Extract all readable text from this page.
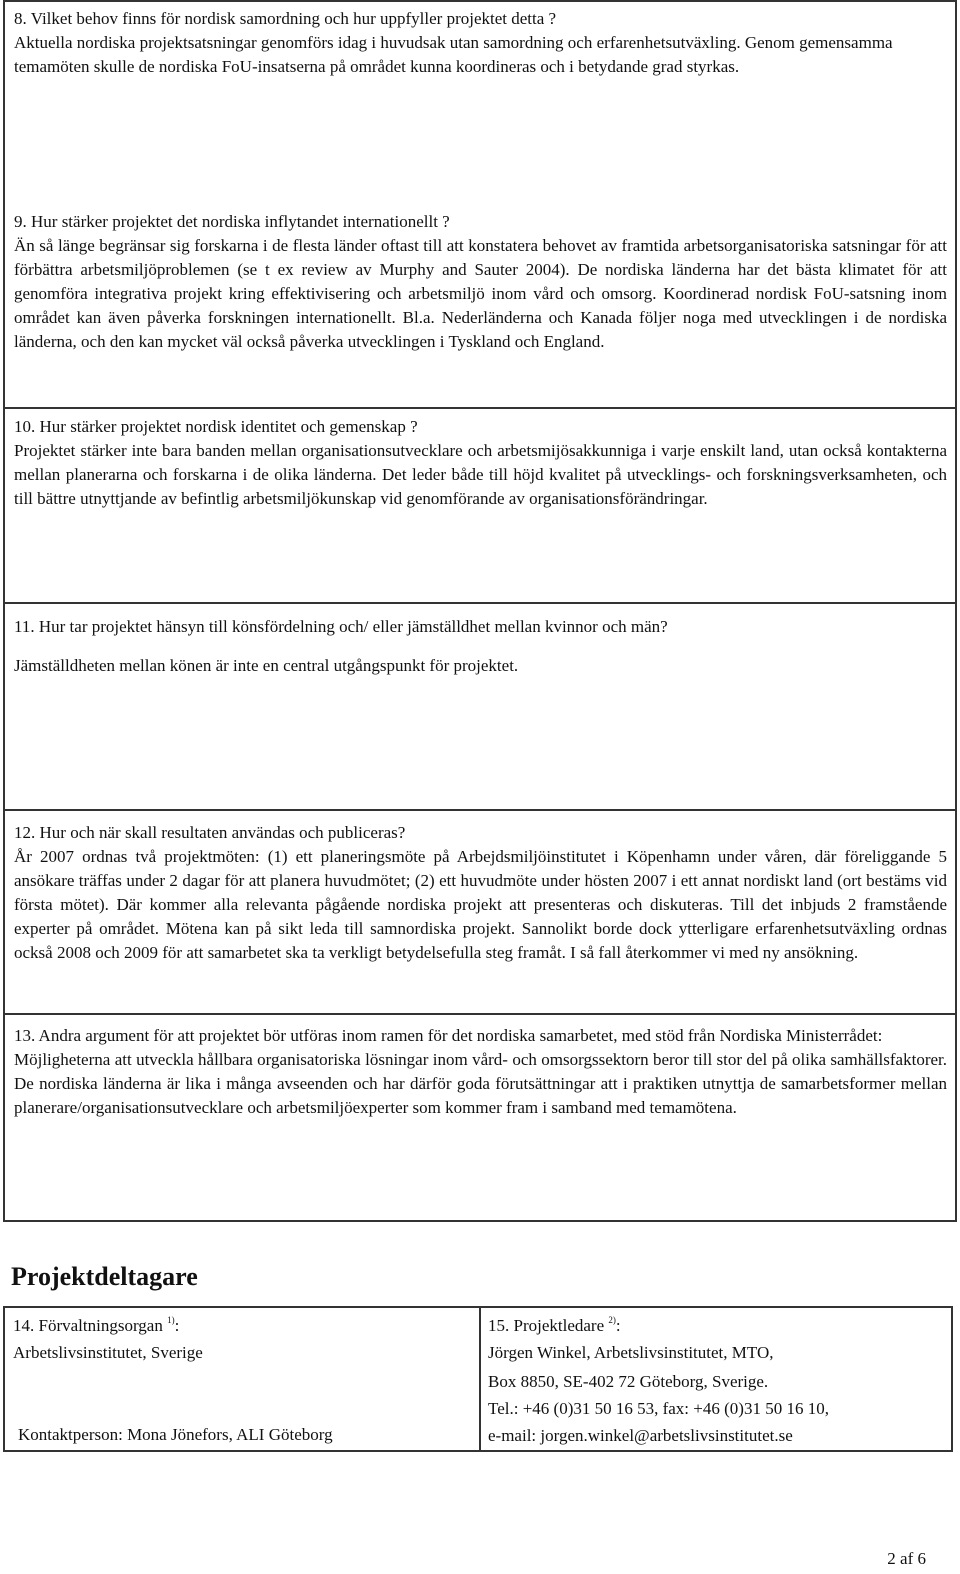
8. Vilket behov finns för nordisk samordning och hur uppfyller projektet detta ?

Aktuella nordiska projektsatsningar genomförs idag i huvudsak utan samordning och erfarenhetsutväxling. Genom gemensamma temamöten skulle de nordiska FoU-insatserna på området kunna koordineras och i betydande grad styrkas.

9. Hur stärker projektet det nordiska inflytandet internationellt ?

Än så länge begränsar sig forskarna i de flesta länder oftast till att konstatera behovet av framtida arbetsorganisatoriska satsningar för att förbättra arbetsmiljöproblemen (se t ex review av Murphy and Sauter 2004). De nordiska länderna har det bästa klimatet för att genomföra integrativa projekt kring effektivisering och arbetsmiljö inom vård och omsorg. Koordinerad nordisk FoU-satsning inom området kan även påverka forskningen internationellt. Bl.a. Nederländerna och Kanada följer noga med utvecklingen i de nordiska länderna, och den kan mycket väl också påverka utvecklingen i Tyskland och England.

10. Hur stärker projektet nordisk identitet och gemenskap ?

Projektet stärker inte bara banden mellan organisationsutvecklare och arbetsmijösakkunniga i varje enskilt land, utan också kontakterna mellan planerarna och forskarna i de olika länderna. Det leder både till höjd kvalitet på utvecklings- och forskningsverksamheten, och till bättre utnyttjande av befintlig arbetsmiljökunskap vid genomförande av organisationsförändringar.

11. Hur tar projektet hänsyn till könsfördelning och/ eller jämställdhet mellan kvinnor och män?

Jämställdheten mellan könen är inte en central utgångspunkt för projektet.

12. Hur och när skall resultaten användas och publiceras?

År 2007 ordnas två projektmöten: (1) ett planeringsmöte på Arbejdsmiljöinstitutet i Köpenhamn under våren, där föreliggande 5 ansökare träffas under 2 dagar för att planera huvudmötet; (2) ett huvudmöte under hösten 2007 i ett annat nordiskt land (ort bestäms vid första mötet). Där kommer alla relevanta pågående nordiska projekt att presenteras och diskuteras. Till det inbjuds 2 framstående experter på området. Mötena kan på sikt leda till samnordiska projekt. Sannolikt borde dock ytterligare erfarenhetsutväxling ordnas också 2008 och 2009 för att samarbetet ska ta verkligt betydelsefulla steg framåt. I så fall återkommer vi med ny ansökning.

13. Andra argument för att projektet bör utföras inom ramen för det nordiska samarbetet, med stöd från Nordiska Ministerrådet:

Möjligheterna att utveckla hållbara organisatoriska lösningar inom vård- och omsorgssektorn beror till stor del på olika samhällsfaktorer. De nordiska länderna är lika i många avseenden och har därför goda förutsättningar att i praktiken utnyttja de samarbetsformer mellan planerare/organisationsutvecklare och arbetsmiljöexperter som kommer fram i samband med temamötena.

Projektdeltagare
14. Förvaltningsorgan $^{1)}$:
Arbetslivsinstitutet, Sverige
Kontaktperson: Mona Jönefors, ALI Göteborg
15. Projektledare $^{2)}$:
Jörgen Winkel, Arbetslivsinstitutet, MTO,
Box 8850, SE-402 72 Göteborg, Sverige.
Tel.: +46 (0)31 50 16 53, fax: +46 (0)31 50 16 10,
e-mail: jorgen.winkel@arbetslivsinstitutet.se
2 af 6
